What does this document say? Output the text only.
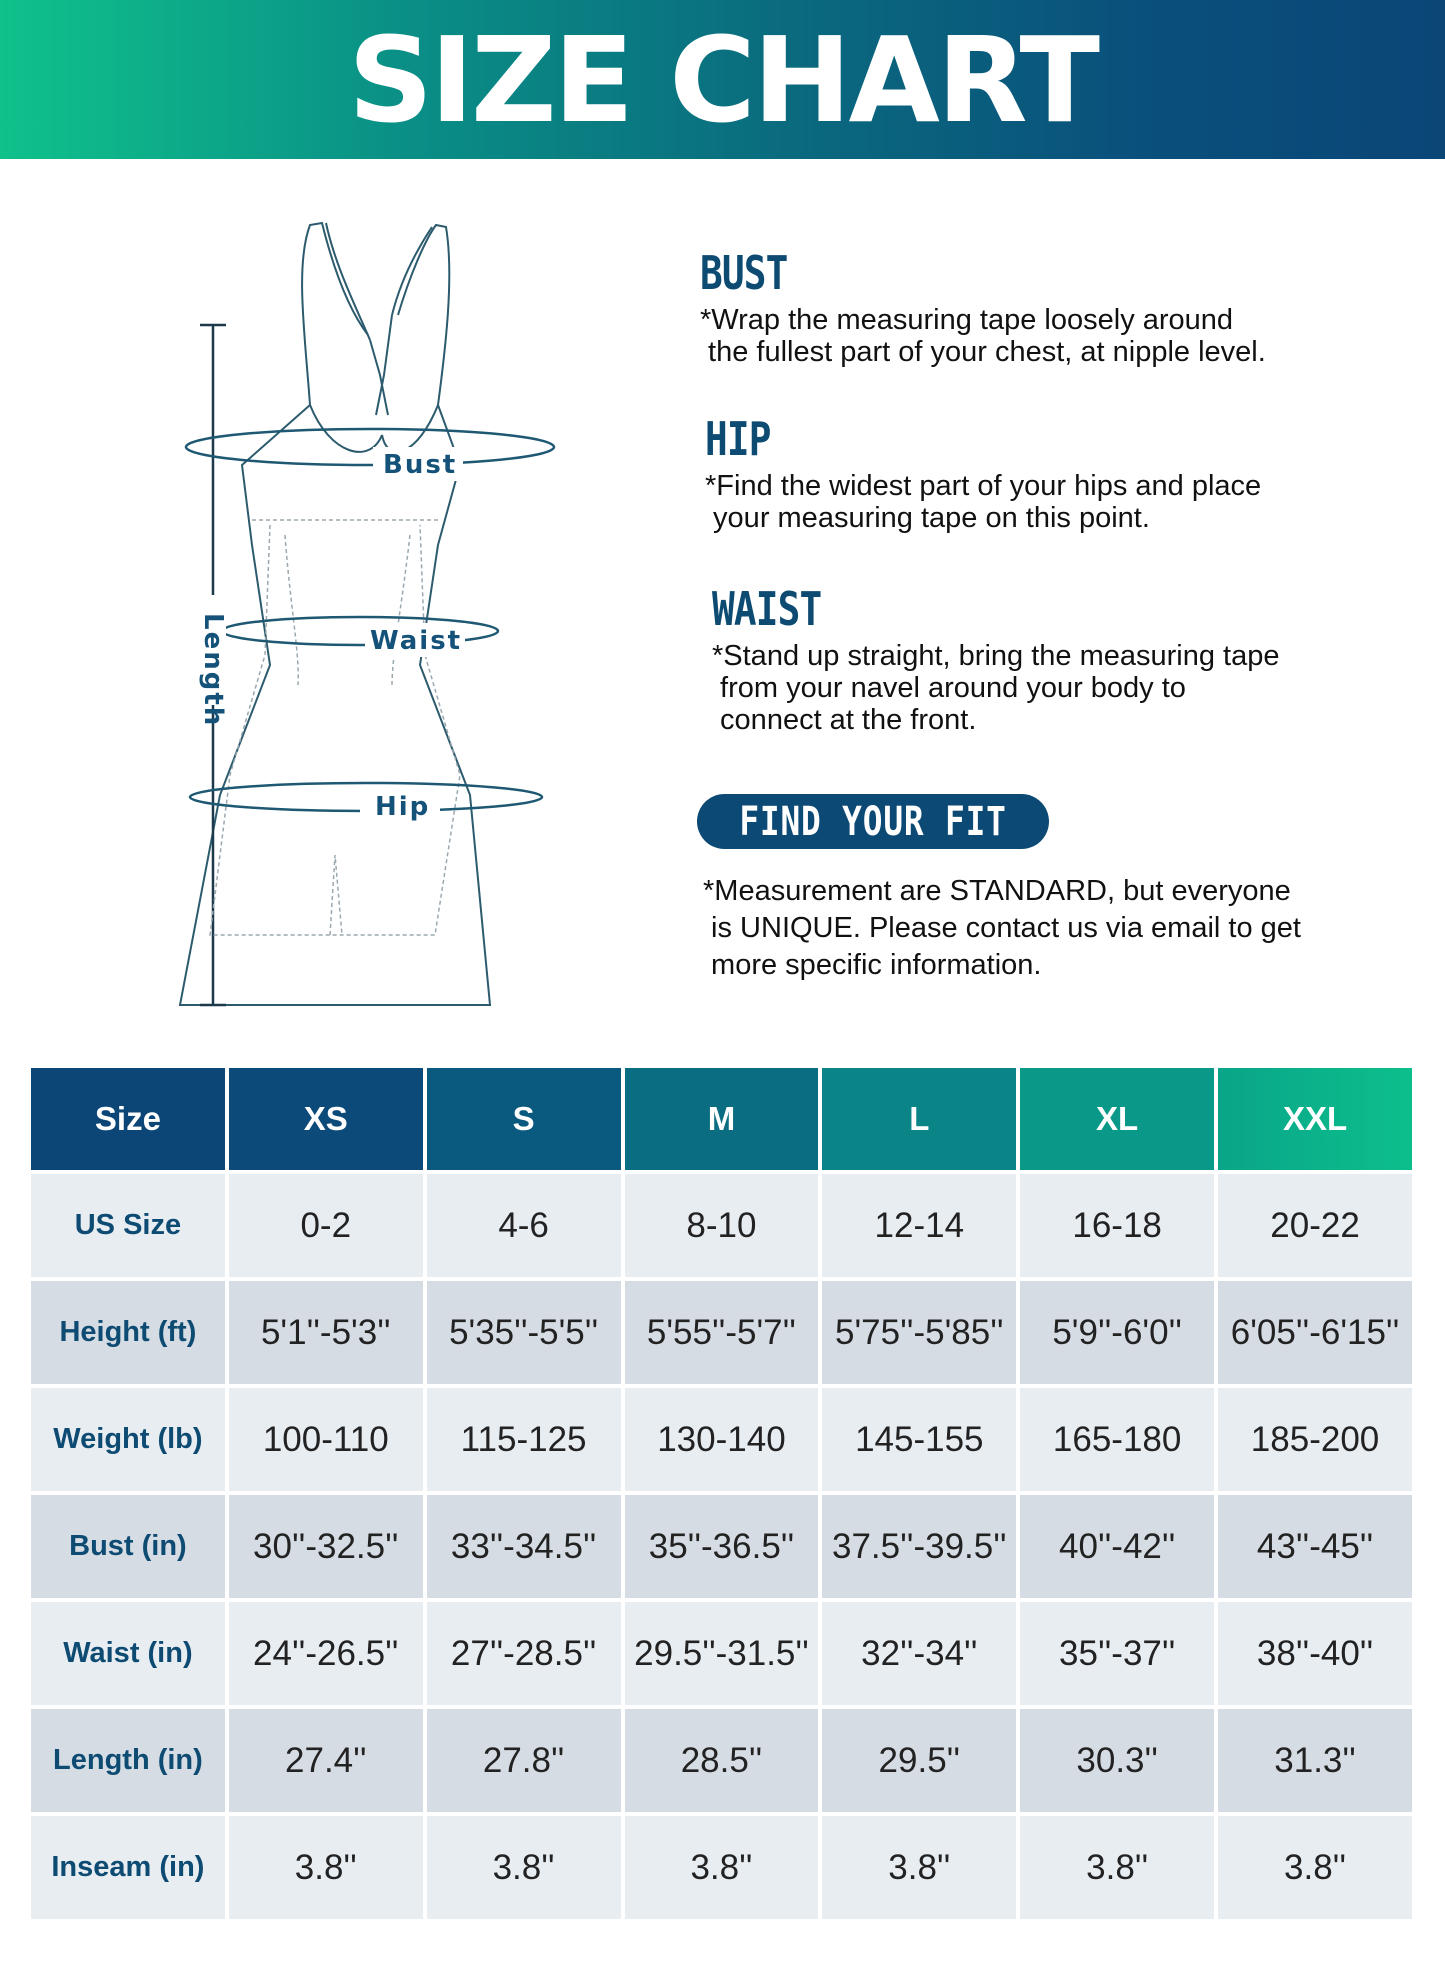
SIZE CHART
Bust
Waist
Hip
Length
BUST

*Wrap the measuring tape loosely around

the fullest part of your chest, at nipple level.

HIP

*Find the widest part of your hips and place

your measuring tape on this point.

WAIST

*Stand up straight, bring the measuring tape

from your navel around your body to

connect at the front.

FIND YOUR FIT
*Measurement are STANDARD, but everyone
is UNIQUE. Please contact us via email to get
more specific information.
Size	XS	S	M	L	XL	XXL
US Size	0-2	4-6	8-10	12-14	16-18	20-22
Height (ft)	5'1''-5'3''	5'35''-5'5''	5'55''-5'7''	5'75''-5'85''	5'9''-6'0''	6'05''-6'15''
Weight (lb)	100-110	115-125	130-140	145-155	165-180	185-200
Bust (in)	30''-32.5''	33''-34.5''	35''-36.5''	37.5''-39.5''	40''-42''	43''-45''
Waist (in)	24''-26.5''	27''-28.5''	29.5''-31.5''	32''-34''	35''-37''	38''-40''
Length (in)	27.4''	27.8''	28.5''	29.5''	30.3''	31.3''
Inseam (in)	3.8''	3.8''	3.8''	3.8''	3.8''	3.8''
